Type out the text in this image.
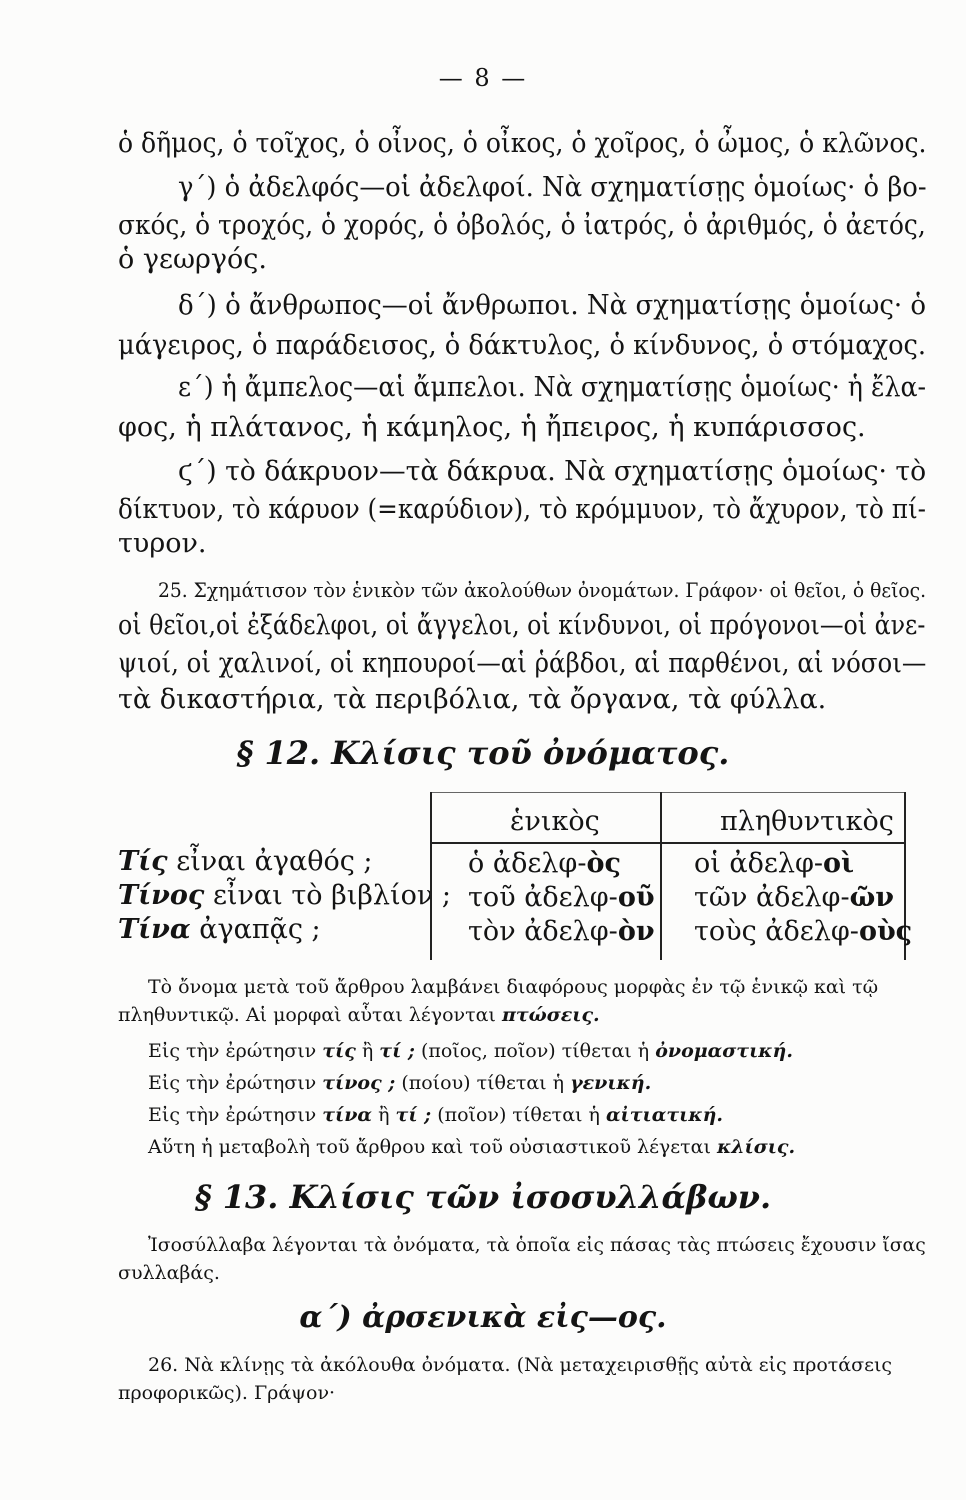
— 8 —
ὁ δῆμος, ὁ τοῖχος, ὁ οἶνος, ὁ οἶκος, ὁ χοῖρος, ὁ ὦμος, ὁ κλῶνος.
γ΄) ὁ ἀδελφός—οἱ ἀδελφοί. Νὰ σχηματίσῃς ὁμοίως· ὁ βο-
σκός, ὁ τροχός, ὁ χορός, ὁ ὀβολός, ὁ ἰατρός, ὁ ἀριθμός, ὁ ἀετός,
ὁ γεωργός.
δ΄) ὁ ἄνθρωπος—οἱ ἄνθρωποι. Νὰ σχηματίσῃς ὁμοίως· ὁ
μάγειρος, ὁ παράδεισος, ὁ δάκτυλος, ὁ κίνδυνος, ὁ στόμαχος.
ε΄) ἡ ἄμπελος—αἱ ἄμπελοι. Νὰ σχηματίσῃς ὁμοίως· ἡ ἔλα-
φος, ἡ πλάτανος, ἡ κάμηλος, ἡ ἤπειρος, ἡ κυπάρισσος.
ϛ΄) τὸ δάκρυον—τὰ δάκρυα. Νὰ σχηματίσῃς ὁμοίως· τὸ
δίκτυον, τὸ κάρυον (=καρύδιον), τὸ κρόμμυον, τὸ ἄχυρον, τὸ πί-
τυρον.
25. Σχημάτισον τὸν ἑνικὸν τῶν ἀκολούθων ὀνομάτων. Γράφον· οἱ θεῖοι, ὁ θεῖος.
οἱ θεῖοι,οἱ ἐξάδελφοι, οἱ ἄγγελοι, οἱ κίνδυνοι, οἱ πρόγονοι—οἱ ἀνε-
ψιοί, οἱ χαλινοί, οἱ κηπουροί—αἱ ῥάβδοι, αἱ παρθένοι, αἱ νόσοι—
τὰ δικαστήρια, τὰ περιβόλια, τὰ ὄργανα, τὰ φύλλα.
§ 12. Κλίσις τοῦ ὀνόματος.
Τίς εἶναι ἀγαθός ;
Τίνος εἶναι τὸ βιβλίον ;
Τίνα ἀγαπᾷς ;
ἑνικὸς	πληθυντικὸς
ὁ ἀδελφ-ὸς
τοῦ ἀδελφ-οῦ
τὸν ἀδελφ-ὸν
οἱ ἀδελφ-οὶ
τῶν ἀδελφ-ῶν
τοὺς ἀδελφ-οὺς
Τὸ ὄνομα μετὰ τοῦ ἄρθρου λαμβάνει διαφόρους μορφὰς ἐν τῷ ἑνικῷ καὶ τῷ
πληθυντικῷ. Αἱ μορφαὶ αὗται λέγονται πτώσεις.
Εἰς τὴν ἐρώτησιν τίς ἢ τί ; (ποῖος, ποῖον) τίθεται ἡ ὀνομαστική.
Εἰς τὴν ἐρώτησιν τίνος ; (ποίου) τίθεται ἡ γενική.
Εἰς τὴν ἐρώτησιν τίνα ἢ τί ; (ποῖον) τίθεται ἡ αἰτιατική.
Αὕτη ἡ μεταβολὴ τοῦ ἄρθρου καὶ τοῦ οὐσιαστικοῦ λέγεται κλίσις.
§ 13. Κλίσις τῶν ἰσοσυλλάβων.
Ἰσοσύλλαβα λέγονται τὰ ὀνόματα, τὰ ὁποῖα εἰς πάσας τὰς πτώσεις ἔχουσιν ἴσας
συλλαβάς.
α΄) ἀρσενικὰ εἰς—ος.
26. Νὰ κλίνῃς τὰ ἀκόλουθα ὀνόματα. (Νὰ μεταχειρισθῇς αὐτὰ εἰς προτάσεις
προφορικῶς). Γράψον·
